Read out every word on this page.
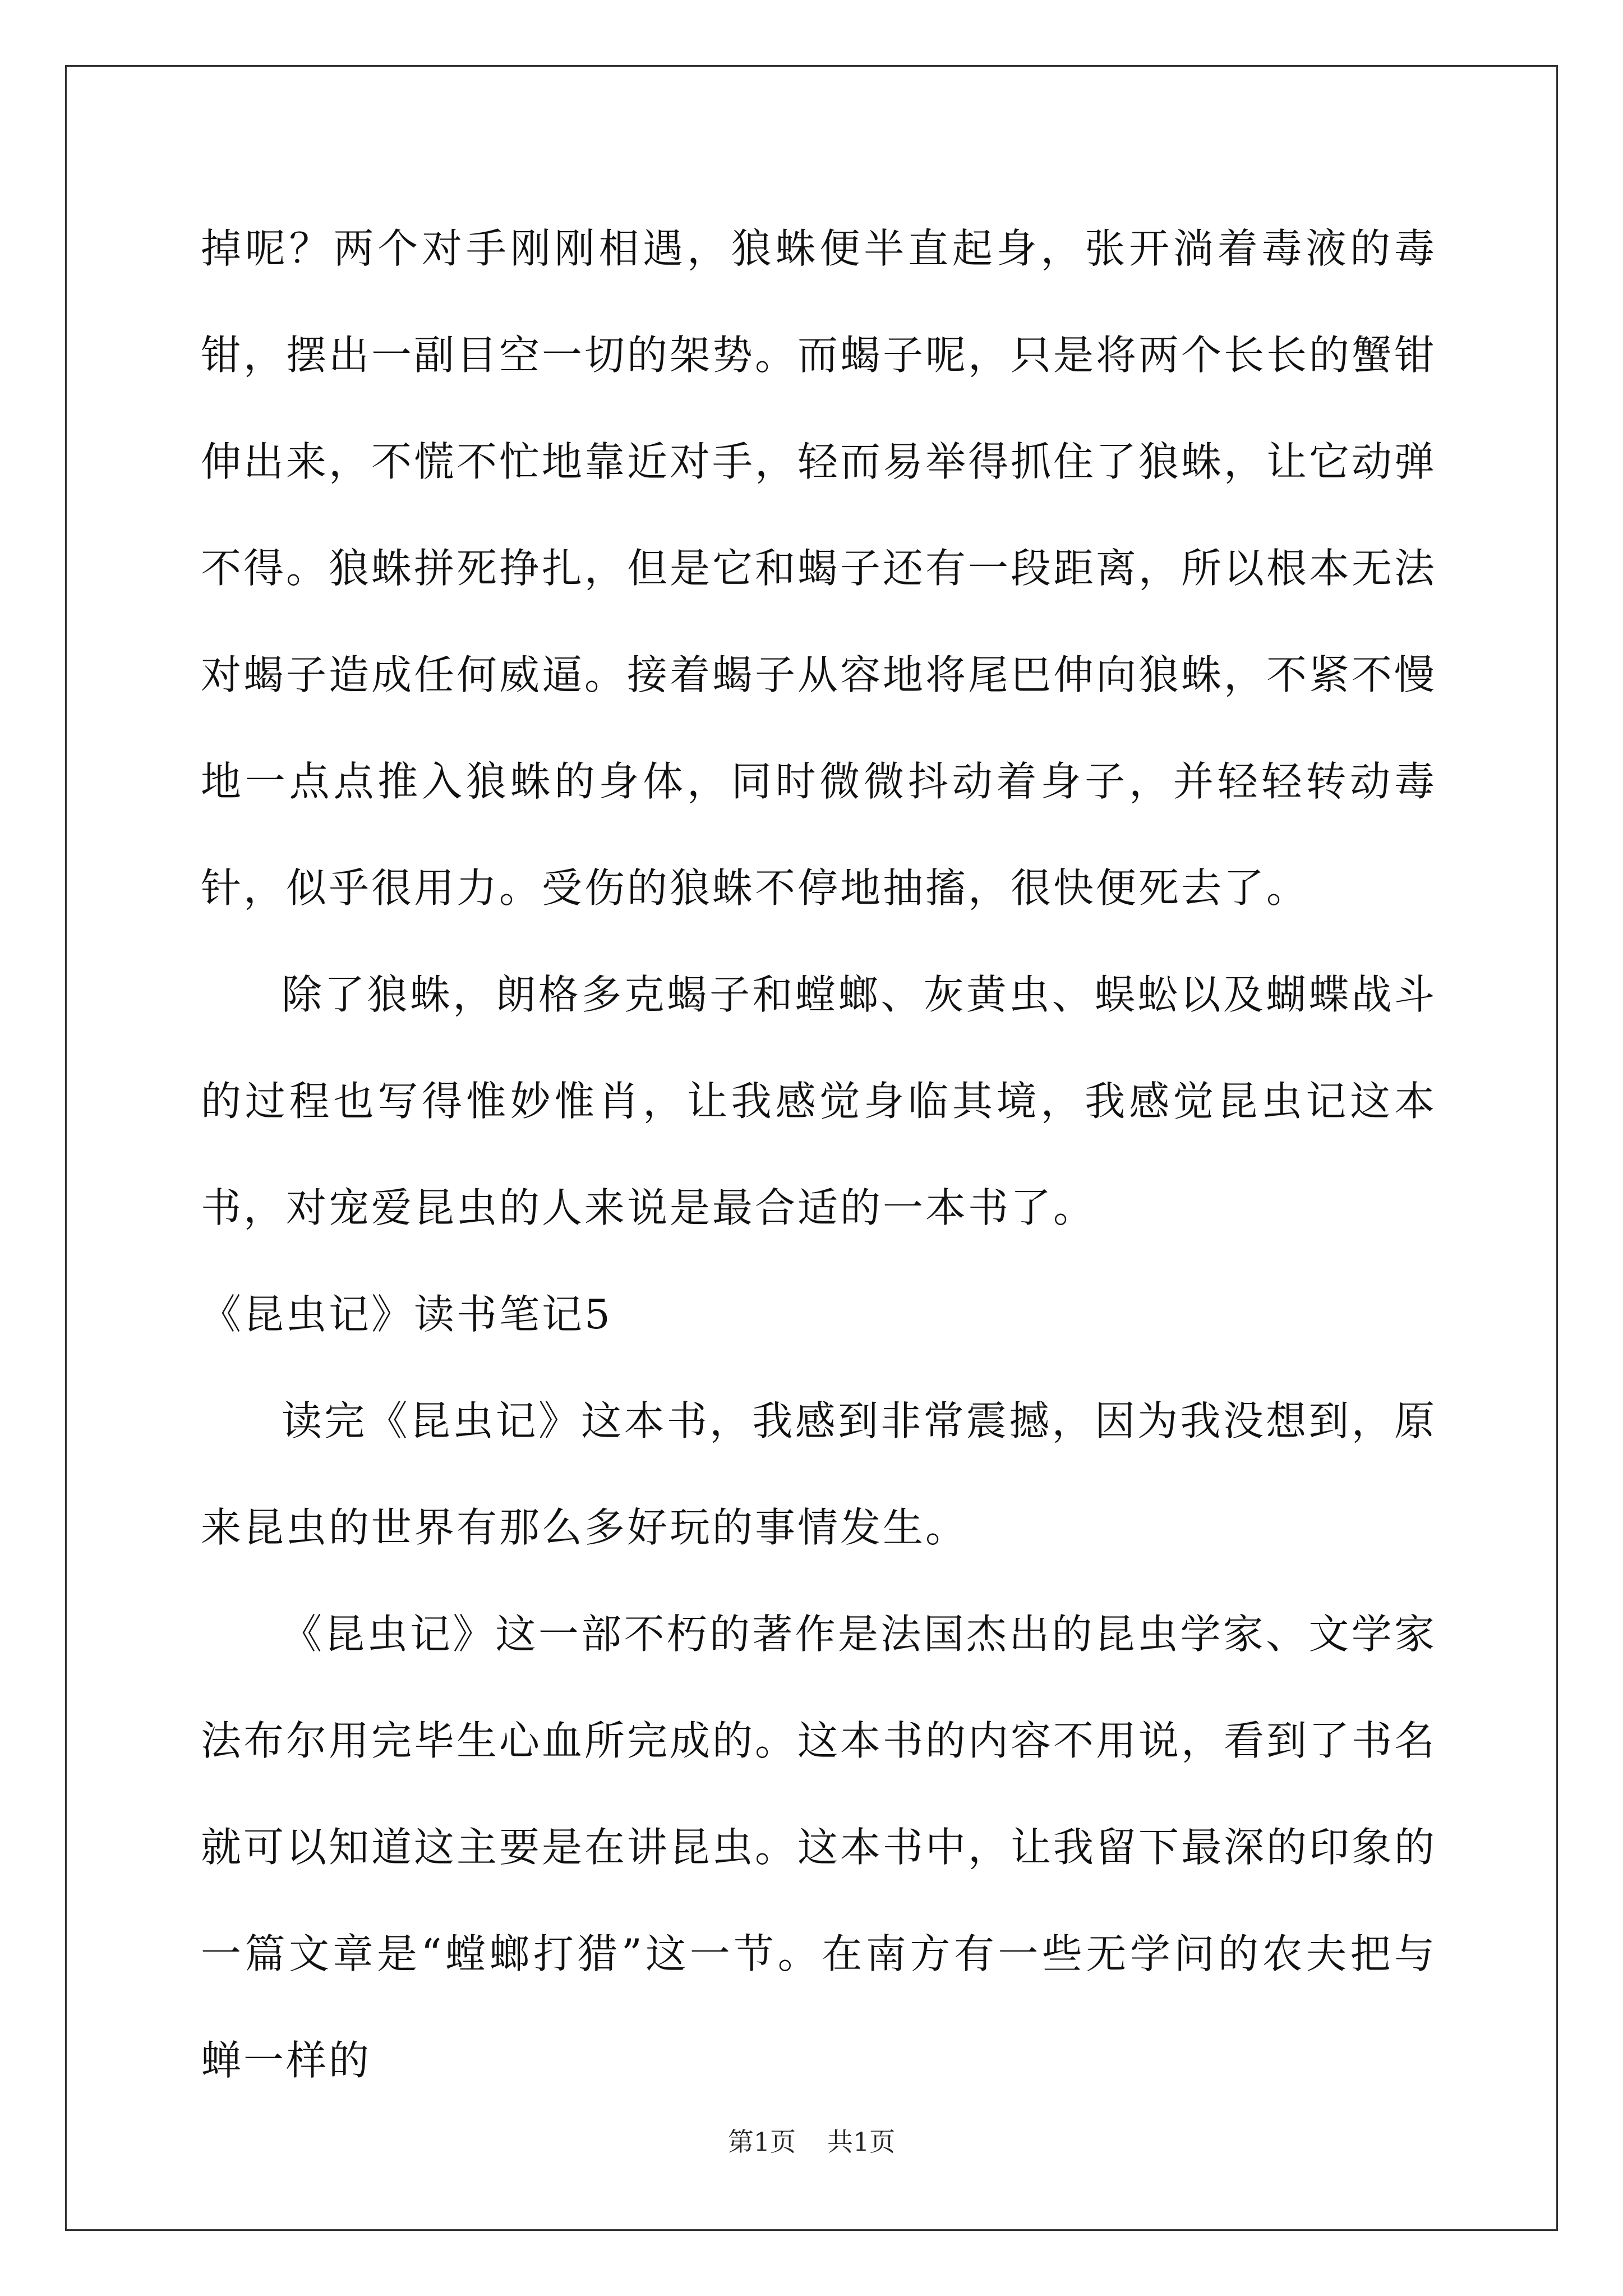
掉呢？两个对手刚刚相遇，狼蛛便半直起身，张开淌着毒液的毒钳，摆出一副目空一切的架势。而蝎子呢，只是将两个长长的蟹钳伸出来，不慌不忙地靠近对手，轻而易举得抓住了狼蛛，让它动弹不得。狼蛛拼死挣扎，但是它和蝎子还有一段距离，所以根本无法对蝎子造成任何威逼。接着蝎子从容地将尾巴伸向狼蛛，不紧不慢地一点点推入狼蛛的身体，同时微微抖动着身子，并轻轻转动毒针，似乎很用力。受伤的狼蛛不停地抽搐，很快便死去了。

除了狼蛛，朗格多克蝎子和螳螂、灰黄虫、蜈蚣以及蝴蝶战斗的过程也写得惟妙惟肖，让我感觉身临其境，我感觉昆虫记这本书，对宠爱昆虫的人来说是最合适的一本书了。

《昆虫记》读书笔记5

读完《昆虫记》这本书，我感到非常震撼，因为我没想到，原来昆虫的世界有那么多好玩的事情发生。

《昆虫记》这一部不朽的著作是法国杰出的昆虫学家、文学家法布尔用完毕生心血所完成的。这本书的内容不用说，看到了书名就可以知道这主要是在讲昆虫。这本书中，让我留下最深的印象的一篇文章是“螳螂打猎”这一节。在南方有一些无学问的农夫把与蝉一样的

第1页 共1页
